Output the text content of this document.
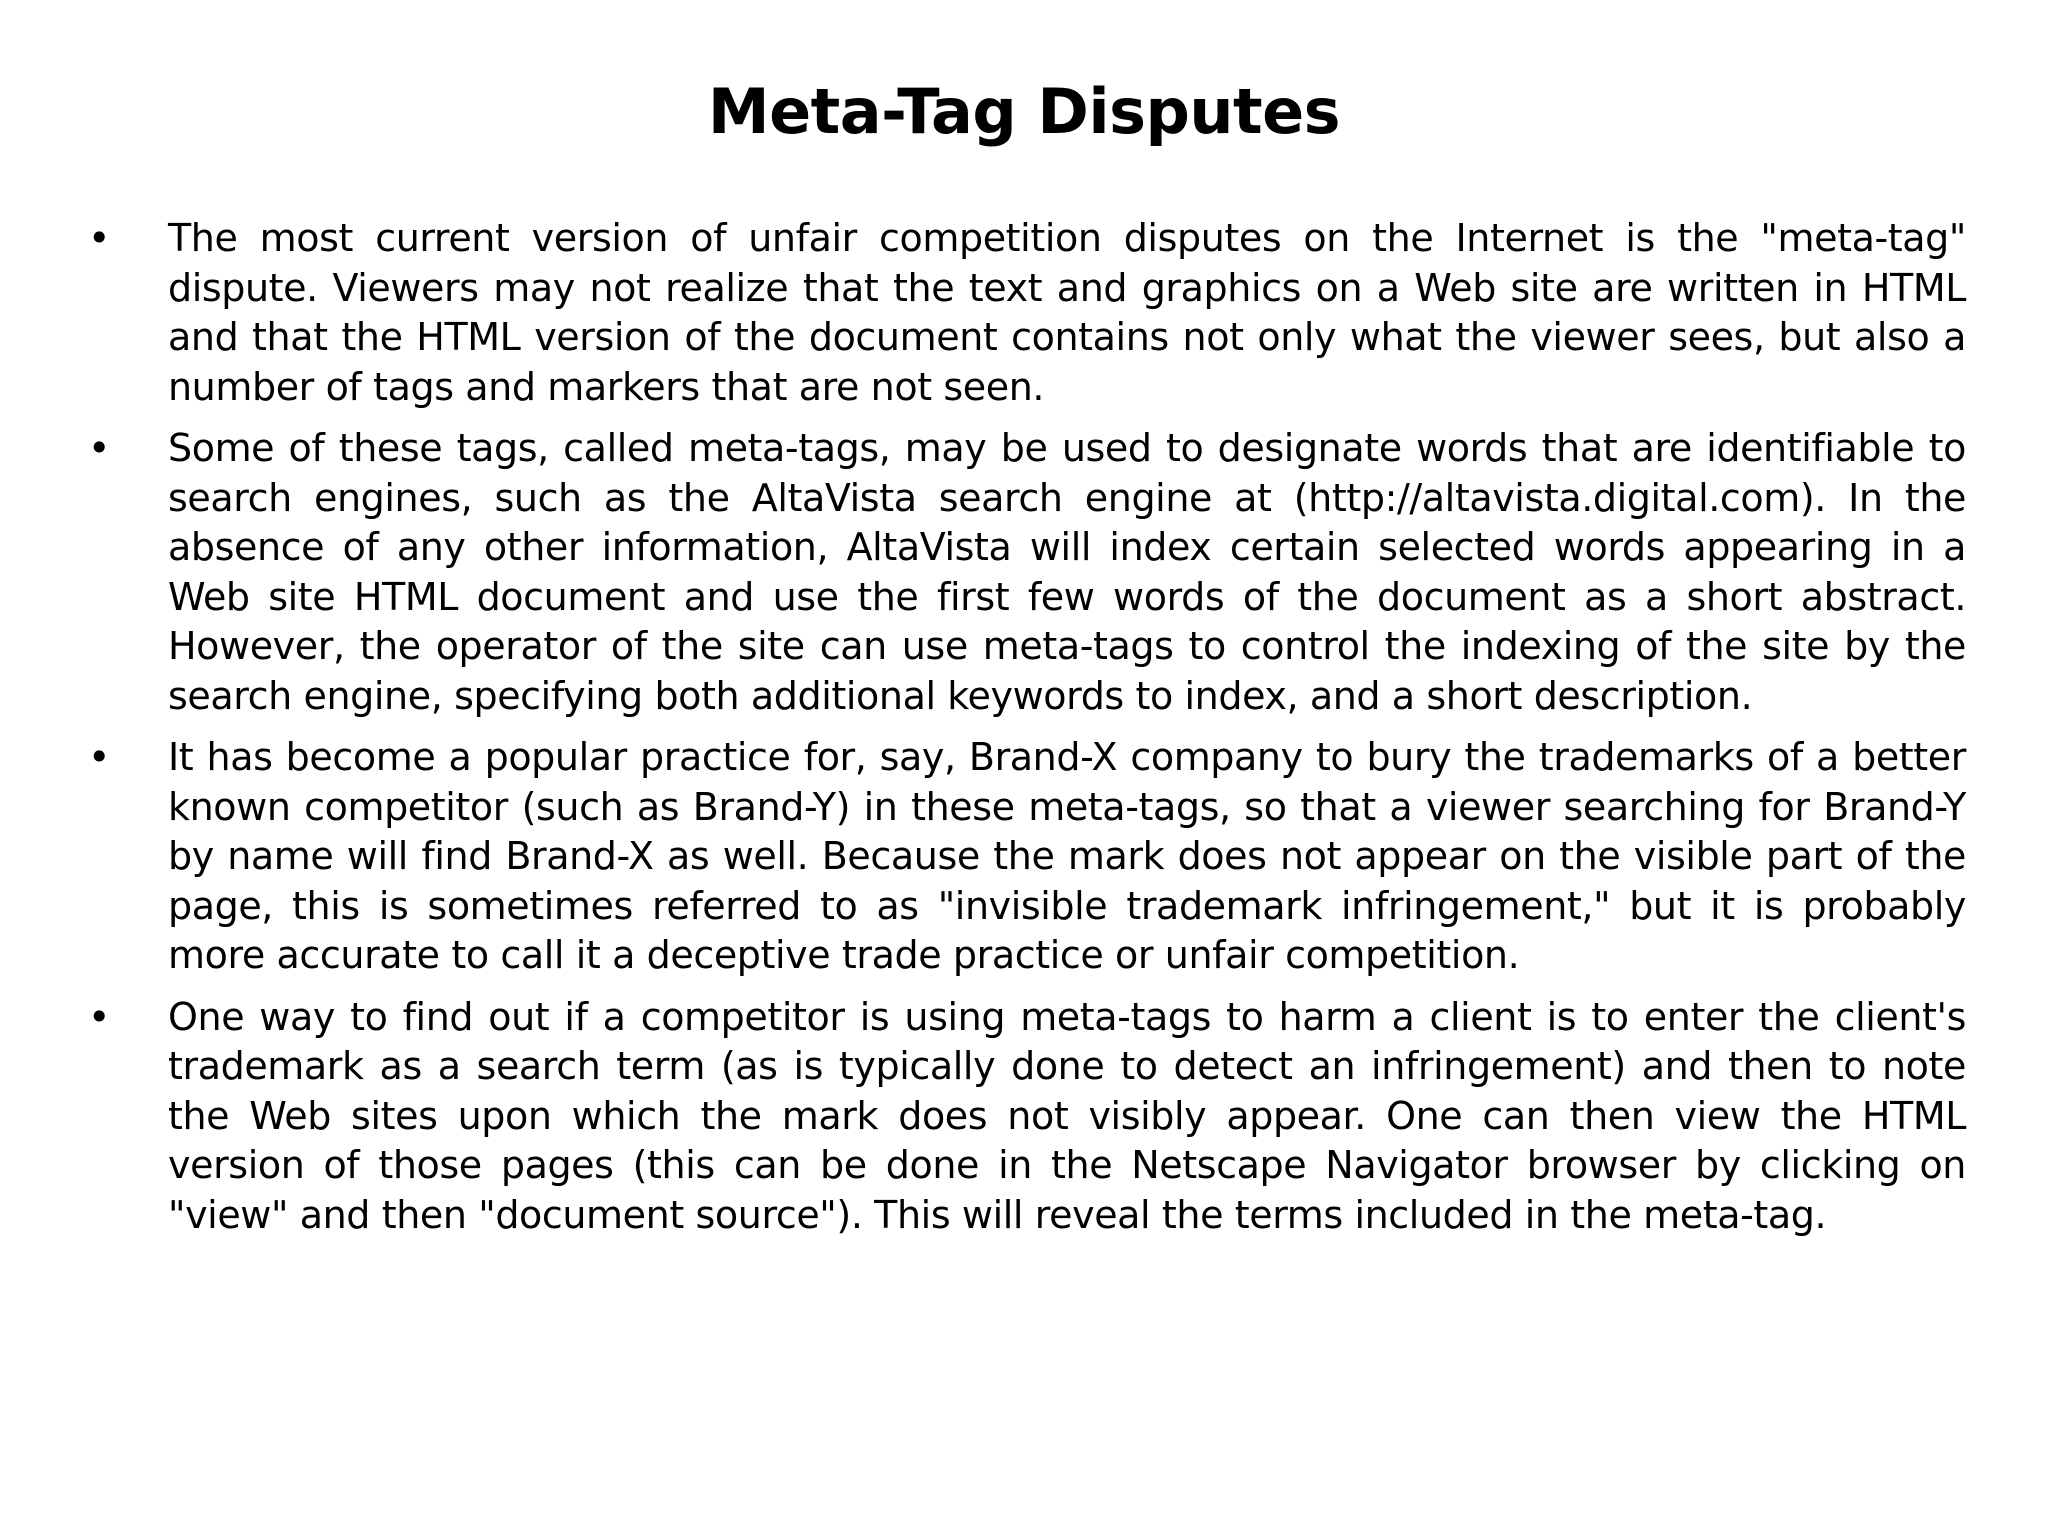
Meta-Tag Disputes
• The most current version of unfair competition disputes on the Internet is the "meta-tag" dispute. Viewers may not realize that the text and graphics on a Web site are written in HTML and that the HTML version of the document contains not only what the viewer sees, but also a number of tags and markers that are not seen.
• Some of these tags, called meta-tags, may be used to designate words that are identifiable to search engines, such as the AltaVista search engine at (http://altavista.digital.com). In the absence of any other information, AltaVista will index certain selected words appearing in a Web site HTML document and use the first few words of the document as a short abstract. However, the operator of the site can use meta-tags to control the indexing of the site by the search engine, specifying both additional keywords to index, and a short description.
• It has become a popular practice for, say, Brand-X company to bury the trademarks of a better known competitor (such as Brand-Y) in these meta-tags, so that a viewer searching for Brand-Y by name will find Brand-X as well. Because the mark does not appear on the visible part of the page, this is sometimes referred to as "invisible trademark infringement," but it is probably more accurate to call it a deceptive trade practice or unfair competition.
• One way to find out if a competitor is using meta-tags to harm a client is to enter the client's trademark as a search term (as is typically done to detect an infringement) and then to note the Web sites upon which the mark does not visibly appear. One can then view the HTML version of those pages (this can be done in the Netscape Navigator browser by clicking on "view" and then "document source"). This will reveal the terms included in the meta-tag.
